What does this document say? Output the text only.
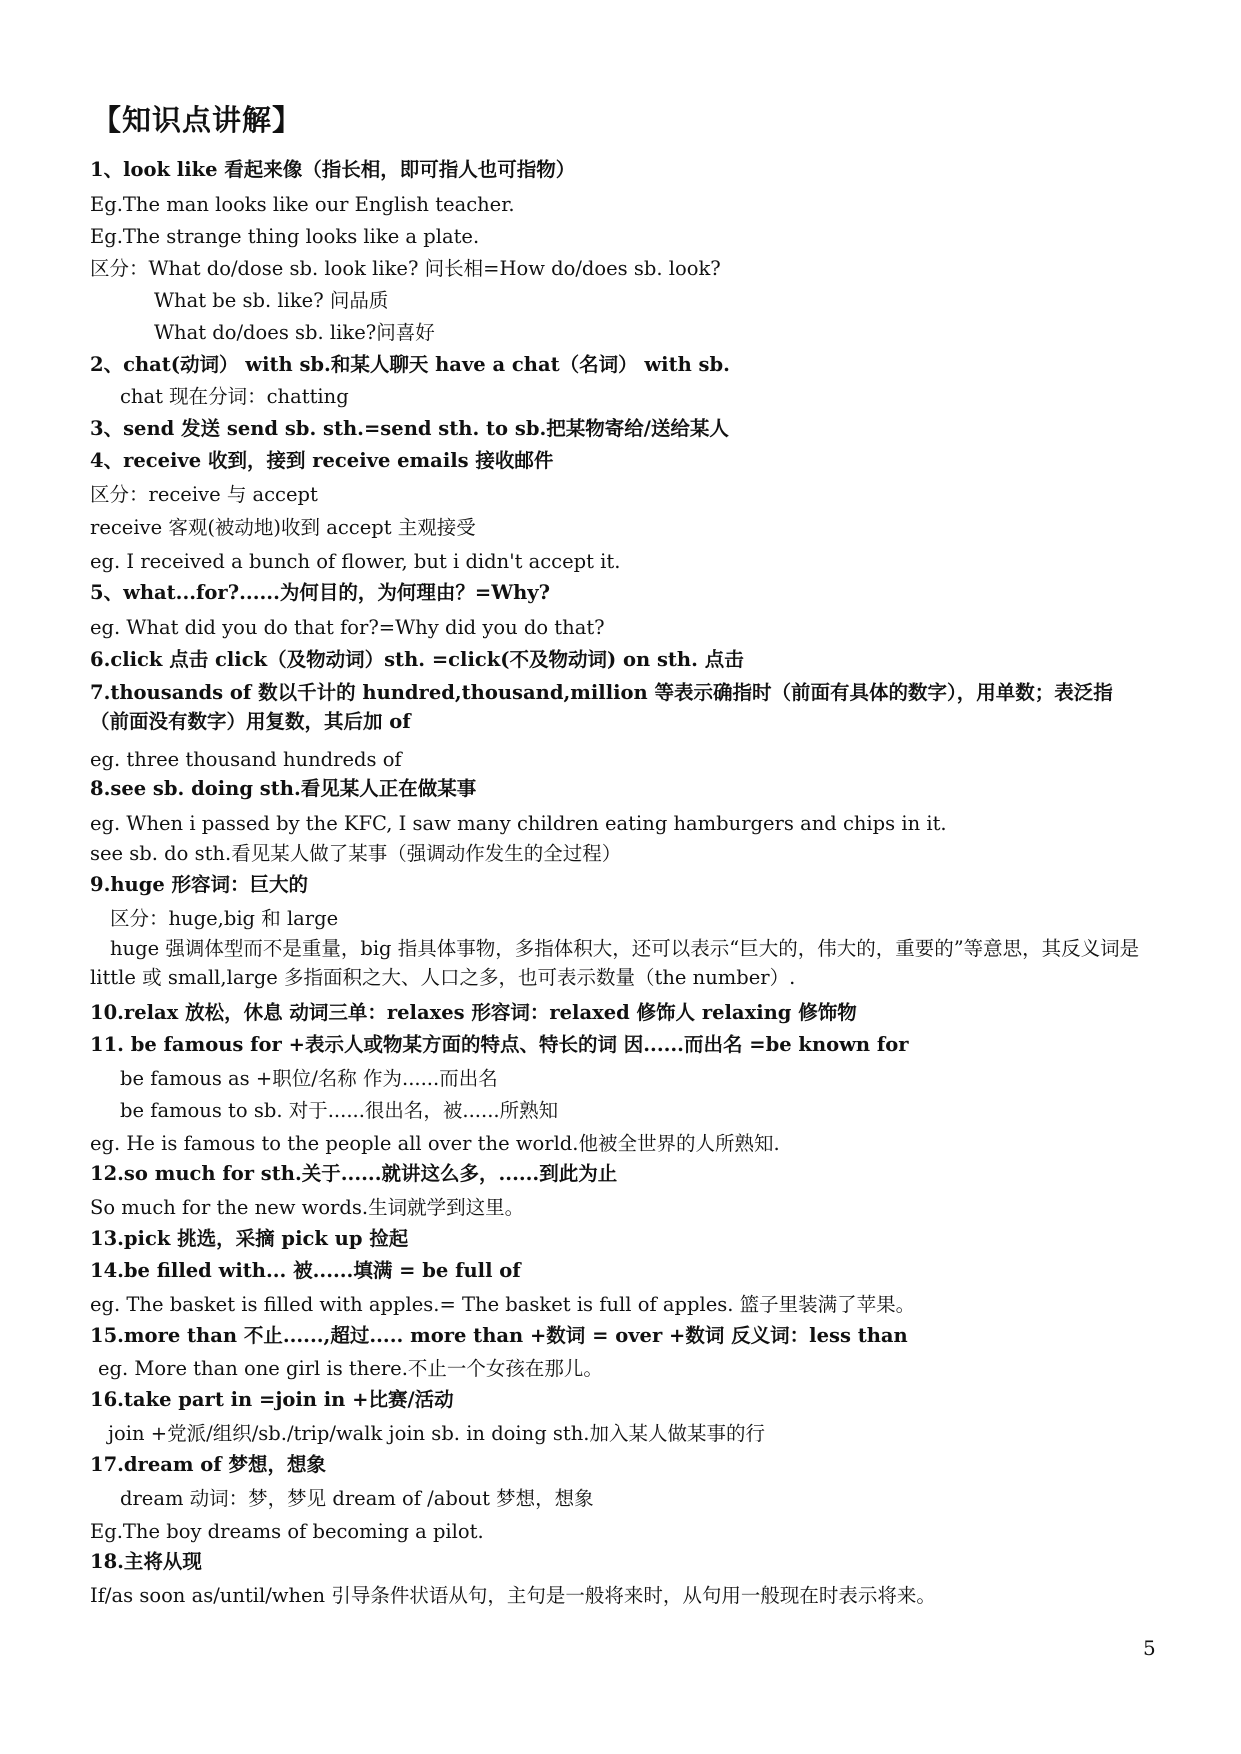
【知识点讲解】
1、look like 看起来像（指长相，即可指人也可指物）
Eg.The man looks like our English teacher.
Eg.The strange thing looks like a plate.
区分：What do/dose sb. look like? 问长相=How do/does sb. look?
What be sb. like? 问品质
What do/does sb. like?问喜好
2、chat(动词） with sb.和某人聊天 have a chat（名词） with sb.
chat 现在分词：chatting
3、send 发送 send sb. sth.=send sth. to sb.把某物寄给/送给某人
4、receive 收到，接到 receive emails 接收邮件
区分：receive 与 accept
receive 客观(被动地)收到 accept 主观接受
eg. I received a bunch of flower, but i didn't accept it.
5、what...for?......为何目的，为何理由？=Why?
eg. What did you do that for?=Why did you do that?
6.click 点击 click（及物动词）sth. =click(不及物动词) on sth. 点击
7.thousands of 数以千计的 hundred,thousand,million 等表示确指时（前面有具体的数字），用单数；表泛指（前面没有数字）用复数，其后加 of
eg. three thousand hundreds of
8.see sb. doing sth.看见某人正在做某事
eg. When i passed by the KFC, I saw many children eating hamburgers and chips in it.
see sb. do sth.看见某人做了某事（强调动作发生的全过程）
9.huge 形容词：巨大的
区分：huge,big 和 large
huge 强调体型而不是重量，big 指具体事物，多指体积大，还可以表示“巨大的，伟大的，重要的”等意思，其反义词是 little 或 small,large 多指面积之大、人口之多，也可表示数量（the number）.
10.relax 放松，休息 动词三单：relaxes 形容词：relaxed 修饰人 relaxing 修饰物
11. be famous for +表示人或物某方面的特点、特长的词 因......而出名 =be known for
be famous as +职位/名称 作为......而出名
be famous to sb. 对于......很出名，被......所熟知
eg. He is famous to the people all over the world.他被全世界的人所熟知.
12.so much for sth.关于......就讲这么多，......到此为止
So much for the new words.生词就学到这里。
13.pick 挑选，采摘 pick up 捡起
14.be filled with... 被......填满 = be full of
eg. The basket is filled with apples.= The basket is full of apples. 篮子里装满了苹果。
15.more than 不止......,超过..... more than +数词 = over +数词 反义词：less than
eg. More than one girl is there.不止一个女孩在那儿。
16.take part in =join in +比赛/活动
join +党派/组织/sb./trip/walk join sb. in doing sth.加入某人做某事的行
17.dream of 梦想，想象
dream 动词：梦，梦见 dream of /about 梦想，想象
Eg.The boy dreams of becoming a pilot.
18.主将从现
If/as soon as/until/when 引导条件状语从句，主句是一般将来时，从句用一般现在时表示将来。
5
